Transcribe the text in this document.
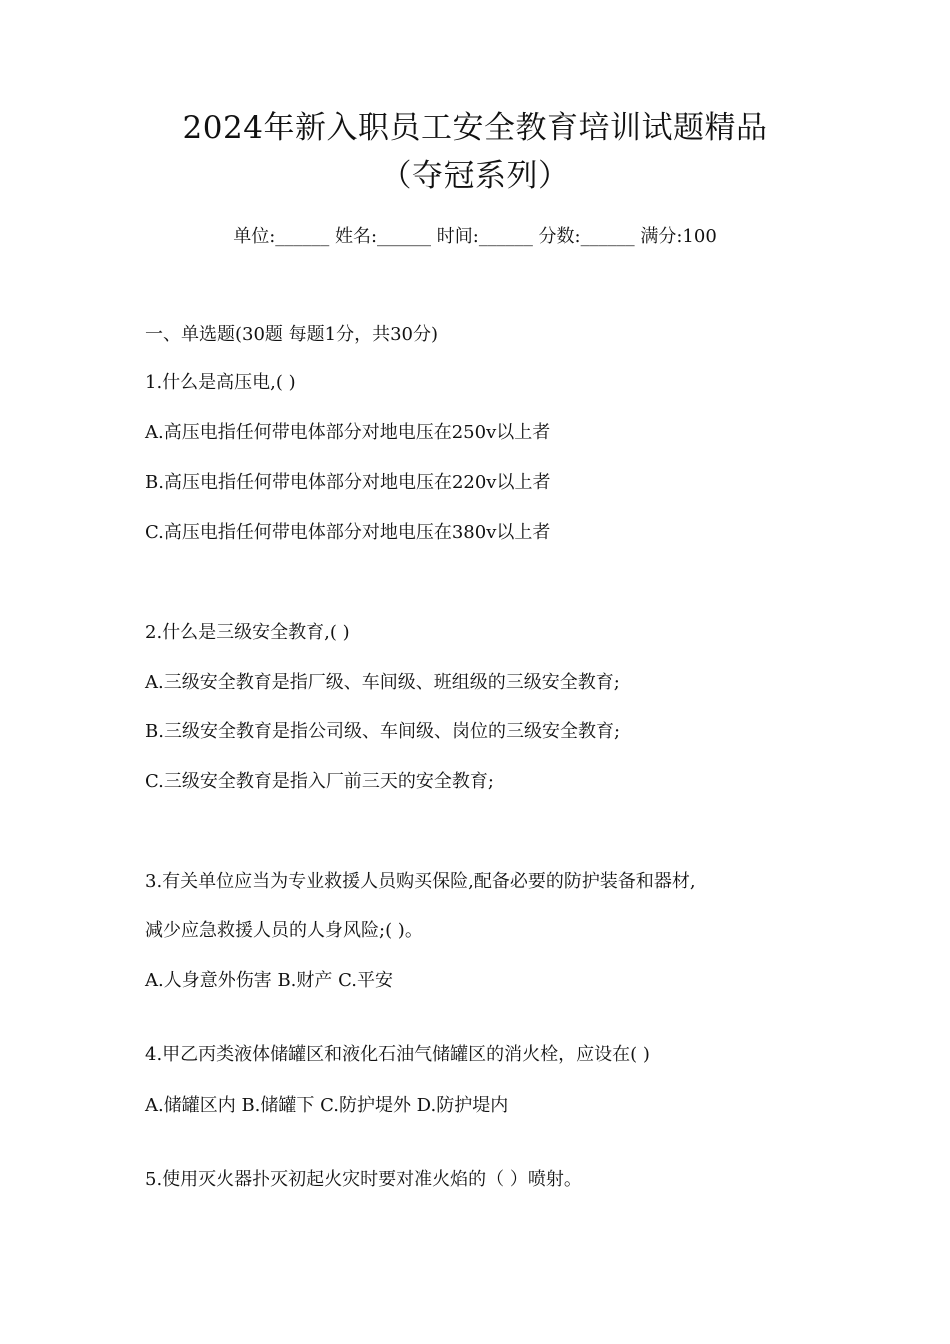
2024年新入职员工安全教育培训试题精品
（夺冠系列）
单位:______ 姓名:______ 时间:______ 分数:______ 满分:100

一、单选题(30题 每题1分，共30分)

1.什么是高压电,( )

A.高压电指任何带电体部分对地电压在250v以上者

B.高压电指任何带电体部分对地电压在220v以上者

C.高压电指任何带电体部分对地电压在380v以上者

2.什么是三级安全教育,( )

A.三级安全教育是指厂级、车间级、班组级的三级安全教育;

B.三级安全教育是指公司级、车间级、岗位的三级安全教育;

C.三级安全教育是指入厂前三天的安全教育;

3.有关单位应当为专业救援人员购买保险,配备必要的防护装备和器材,

减少应急救援人员的人身风险;( )。

A.人身意外伤害 B.财产 C.平安

4.甲乙丙类液体储罐区和液化石油气储罐区的消火栓，应设在( )

A.储罐区内 B.储罐下 C.防护堤外 D.防护堤内

5.使用灭火器扑灭初起火灾时要对准火焰的（ ）喷射。
